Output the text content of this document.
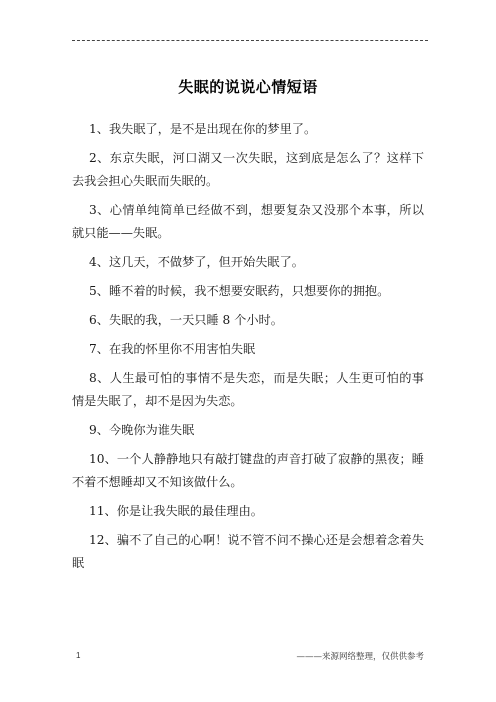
失眠的说说心情短语
1、我失眠了，是不是出现在你的梦里了。
2、东京失眠，河口湖又一次失眠，这到底是怎么了？这样下去我会担心失眠而失眠的。
3、心情单纯简单已经做不到，想要复杂又没那个本事，所以就只能——失眠。
4、这几天，不做梦了，但开始失眠了。
5、睡不着的时候，我不想要安眠药，只想要你的拥抱。
6、失眠的我，一天只睡 8 个小时。
7、在我的怀里你不用害怕失眠
8、人生最可怕的事情不是失恋，而是失眠；人生更可怕的事情是失眠了，却不是因为失恋。
9、今晚你为谁失眠
10、一个人静静地只有敲打键盘的声音打破了寂静的黑夜；睡不着不想睡却又不知该做什么。
11、你是让我失眠的最佳理由。
12、骗不了自己的心啊！说不管不问不操心还是会想着念着失眠
1	———来源网络整理，仅供供参考
